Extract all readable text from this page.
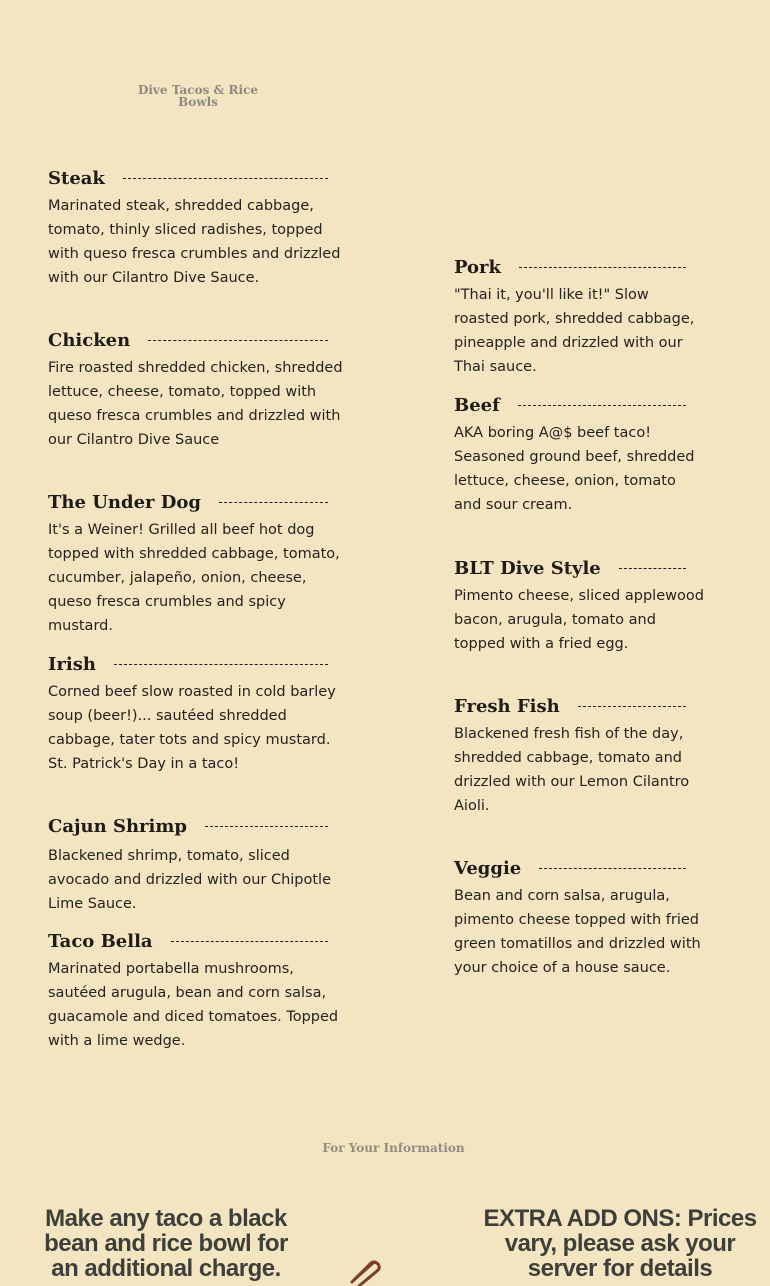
Dive Tacos & Rice Bowls
Steak
Marinated steak, shredded cabbage, tomato, thinly sliced radishes, topped with queso fresca crumbles and drizzled with our Cilantro Dive Sauce.
Chicken
Fire roasted shredded chicken, shredded lettuce, cheese, tomato, topped with queso fresca crumbles and drizzled with our Cilantro Dive Sauce
The Under Dog
It's a Weiner! Grilled all beef hot dog topped with shredded cabbage, tomato, cucumber, jalapeño, onion, cheese, queso fresca crumbles and spicy mustard.
Irish
Corned beef slow roasted in cold barley soup (beer!)... sautéed shredded cabbage, tater tots and spicy mustard. St. Patrick's Day in a taco!
Cajun Shrimp
Blackened shrimp, tomato, sliced avocado and drizzled with our Chipotle Lime Sauce.
Taco Bella
Marinated portabella mushrooms, sautéed arugula, bean and corn salsa, guacamole and diced tomatoes. Topped with a lime wedge.
Pork
"Thai it, you'll like it!" Slow roasted pork, shredded cabbage, pineapple and drizzled with our Thai sauce.
Beef
AKA boring A@$ beef taco! Seasoned ground beef, shredded lettuce, cheese, onion, tomato and sour cream.
BLT Dive Style
Pimento cheese, sliced applewood bacon, arugula, tomato and topped with a fried egg.
Fresh Fish
Blackened fresh fish of the day, shredded cabbage, tomato and drizzled with our Lemon Cilantro Aioli.
Veggie
Bean and corn salsa, arugula, pimento cheese topped with fried green tomatillos and drizzled with your choice of a house sauce.
For Your Information
Make any taco a black bean and rice bowl for an additional charge.
EXTRA ADD ONS: Prices vary, please ask your server for details
